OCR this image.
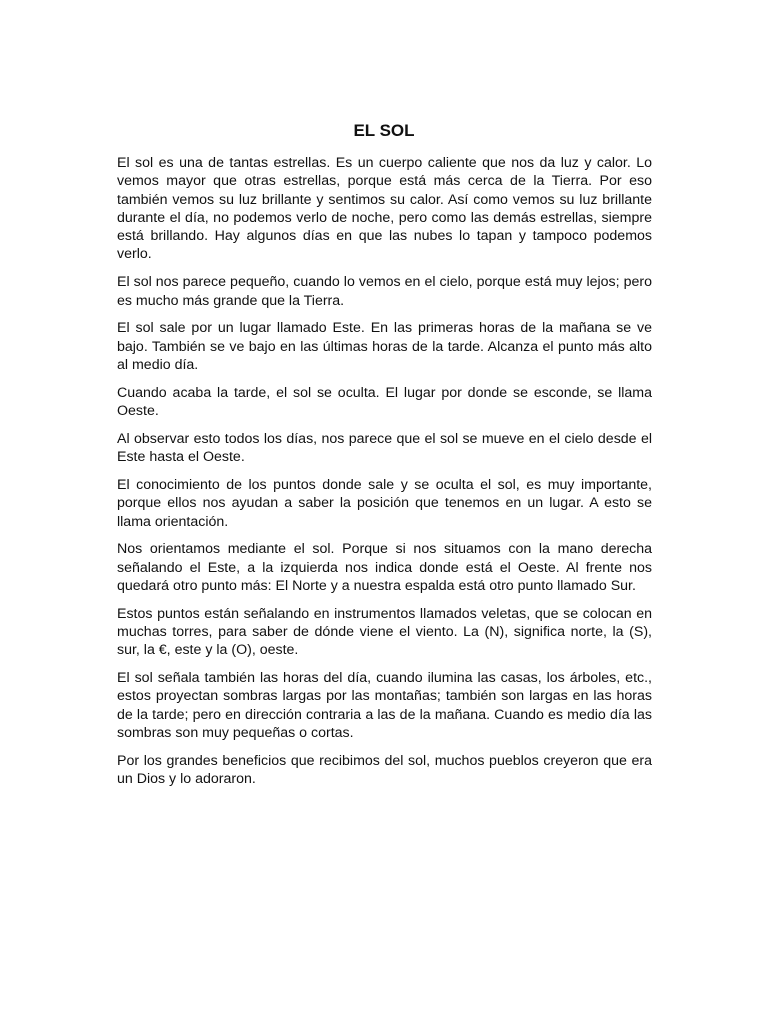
EL SOL

El sol es una de tantas estrellas. Es un cuerpo caliente que nos da luz y calor. Lo vemos mayor que otras estrellas, porque está más cerca de la Tierra. Por eso también vemos su luz brillante y sentimos su calor. Así como vemos su luz brillante durante el día, no podemos verlo de noche, pero como las demás estrellas, siempre está brillando. Hay algunos días en que las nubes lo tapan y tampoco podemos verlo.

El sol nos parece pequeño, cuando lo vemos en el cielo, porque está muy lejos; pero es mucho más grande que la Tierra.

El sol sale por un lugar llamado Este. En las primeras horas de la mañana se ve bajo. También se ve bajo en las últimas horas de la tarde. Alcanza el punto más alto al medio día.

Cuando acaba la tarde, el sol se oculta. El lugar por donde se esconde, se llama Oeste.

Al observar esto todos los días, nos parece que el sol se mueve en el cielo desde el Este hasta el Oeste.

El conocimiento de los puntos donde sale y se oculta el sol, es muy importante, porque ellos nos ayudan a saber la posición que tenemos en un lugar. A esto se llama orientación.

Nos orientamos mediante el sol. Porque si nos situamos con la mano derecha señalando el Este, a la izquierda nos indica donde está el Oeste. Al frente nos quedará otro punto más: El Norte y a nuestra espalda está otro punto llamado Sur.

Estos puntos están señalando en instrumentos llamados veletas, que se colocan en muchas torres, para saber de dónde viene el viento. La (N), significa norte, la (S), sur, la €, este y la (O), oeste.

El sol señala también las horas del día, cuando ilumina las casas, los árboles, etc., estos proyectan sombras largas por las montañas; también son largas en las horas de la tarde; pero en dirección contraria a las de la mañana. Cuando es medio día las sombras son muy pequeñas o cortas.

Por los grandes beneficios que recibimos del sol, muchos pueblos creyeron que era un Dios y lo adoraron.
